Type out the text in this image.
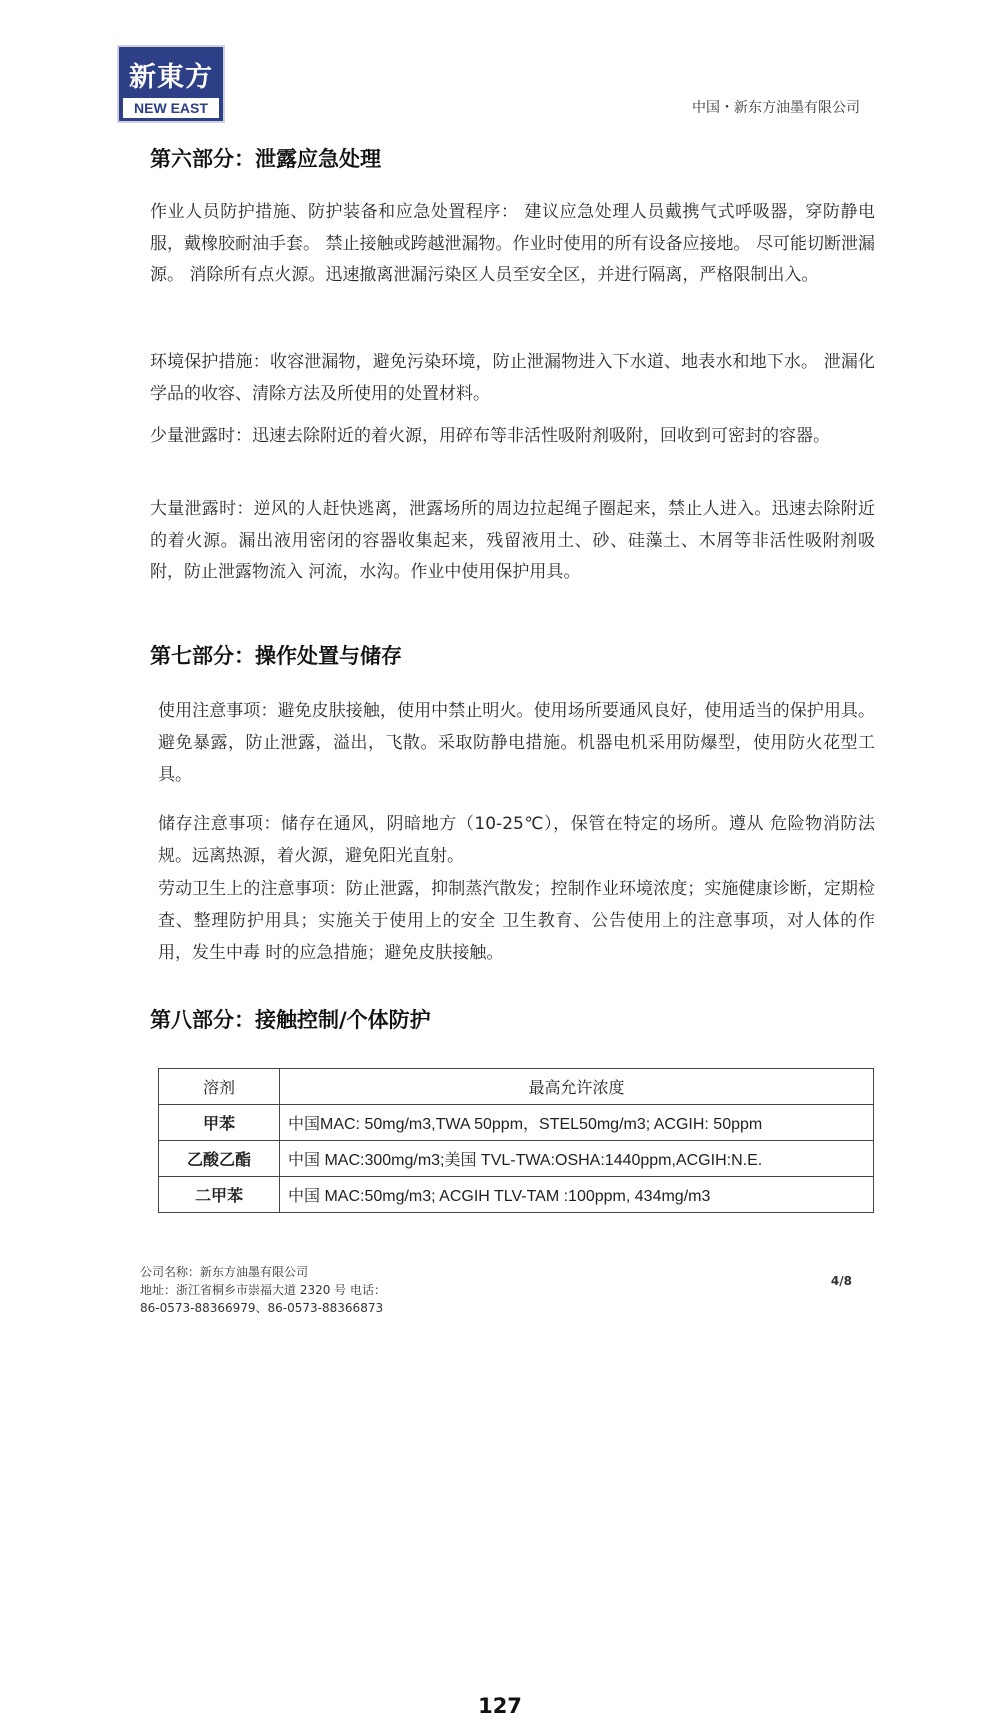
新東方
NEW EAST	中国・新东方油墨有限公司
第六部分：泄露应急处理

作业人员防护措施、防护装备和应急处置程序： 建议应急处理人员戴携气式呼吸器，穿防静电服，戴橡胶耐油手套。 禁止接触或跨越泄漏物。作业时使用的所有设备应接地。 尽可能切断泄漏源。 消除所有点火源。迅速撤离泄漏污染区人员至安全区，并进行隔离，严格限制出入。

环境保护措施：收容泄漏物，避免污染环境，防止泄漏物进入下水道、地表水和地下水。 泄漏化学品的收容、清除方法及所使用的处置材料。

少量泄露时：迅速去除附近的着火源，用碎布等非活性吸附剂吸附，回收到可密封的容器。

大量泄露时：逆风的人赶快逃离，泄露场所的周边拉起绳子圈起来，禁止人进入。迅速去除附近的着火源。漏出液用密闭的容器收集起来，残留液用土、砂、硅藻土、木屑等非活性吸附剂吸附，防止泄露物流入 河流，水沟。作业中使用保护用具。

第七部分：操作处置与储存

使用注意事项：避免皮肤接触，使用中禁止明火。使用场所要通风良好，使用适当的保护用具。避免暴露，防止泄露，溢出，飞散。采取防静电措施。机器电机采用防爆型，使用防火花型工具。

储存注意事项：储存在通风，阴暗地方（10-25℃），保管在特定的场所。遵从 危险物消防法规。远离热源，着火源，避免阳光直射。

劳动卫生上的注意事项：防止泄露，抑制蒸汽散发；控制作业环境浓度；实施健康诊断，定期检查、整理防护用具；实施关于使用上的安全 卫生教育、公告使用上的注意事项，对人体的作用，发生中毒 时的应急措施；避免皮肤接触。

第八部分：接触控制/个体防护
溶剂	最高允许浓度
甲苯	中国MAC: 50mg/m3,TWA 50ppm，STEL50mg/m3; ACGIH: 50ppm
乙酸乙酯	中国 MAC:300mg/m3;美国 TVL-TWA:OSHA:1440ppm,ACGIH:N.E.
二甲苯	中国 MAC:50mg/m3; ACGIH TLV-TAM :100ppm, 434mg/m3
公司名称：新东方油墨有限公司
地址：浙江省桐乡市崇福大道 2320 号 电话：
86-0573-88366979、86-0573-88366873
4/8
127
